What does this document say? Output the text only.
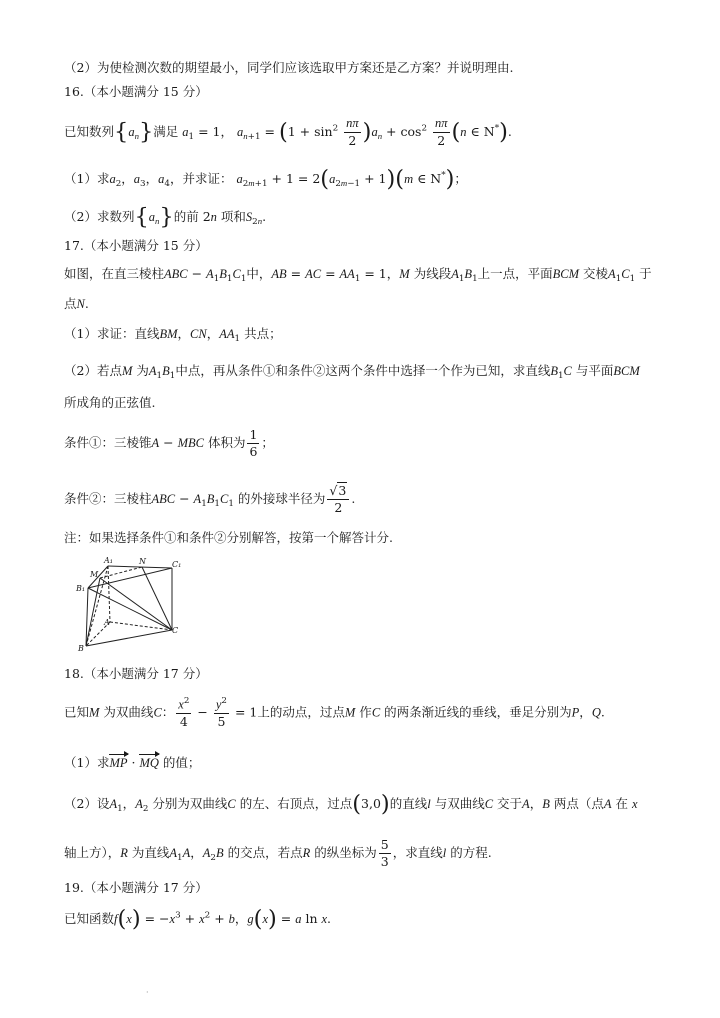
（2）为使检测次数的期望最小，同学们应该选取甲方案还是乙方案？并说明理由.
16.（本小题满分 15 分）
已知数列$\{a_n\}$满足 $a_1 = 1$， $a_{n+1} = (1 + \sin^2 \frac{n\pi}{2} )a_n + \cos^2 \frac{n\pi}{2} (n$ ∈ N*).
（1）求$a_2$，$a_3$，$a_4$，并求证： $a_{2m+1} + 1 = 2(a_{2m-1} + 1)(m$ ∈ N*)；
（2）求数列$\{a_n\}$的前 2n 项和$S_{2n}$.
17.（本小题满分 15 分）
如图，在直三棱柱ABC − $A_1B_1C_1$中，AB = AC = $AA_1 = 1$，M 为线段$A_1B_1$上一点，平面BCM 交棱$A_1C_1$ 于
点N.
（1）求证：直线BM，CN，$AA_1$ 共点；
（2）若点M 为$A_1B_1$中点，再从条件①和条件②这两个条件中选择一个作为已知，求直线$B_1C$ 与平面BCM
所成角的正弦值.
条件①：三棱锥A − MBC 体积为 $\frac{1}{6}$ ；
条件②：三棱柱ABC − $A_1B_1C_1$ 的外接球半径为 $\frac{√3}{2}$ .
注：如果选择条件①和条件②分别解答，按第一个解答计分.
A₁	N	C₁
M
B₁
A
C
B
18.（本小题满分 17 分）
已知M 为双曲线C： $\frac{x^2}{4} - \frac{y^2}{5} = 1$上的动点，过点M 作C 的两条渐近线的垂线，垂足分别为P，Q.
（1）求MP · MQ 的值；
（2）设$A_1$，$A_2$ 分别为双曲线C 的左、右顶点，过点(3,0)的直线l 与双曲线C 交于A，B 两点（点A 在 x
轴上方），R 为直线$A_1A$，$A_2B$ 的交点，若点R 的纵坐标为 $\frac{5}{3}$ ，求直线l 的方程.
19.（本小题满分 17 分）
已知函数$f(x) = -x^3 + x^2 + b$，g(x) = a ln x.
·
